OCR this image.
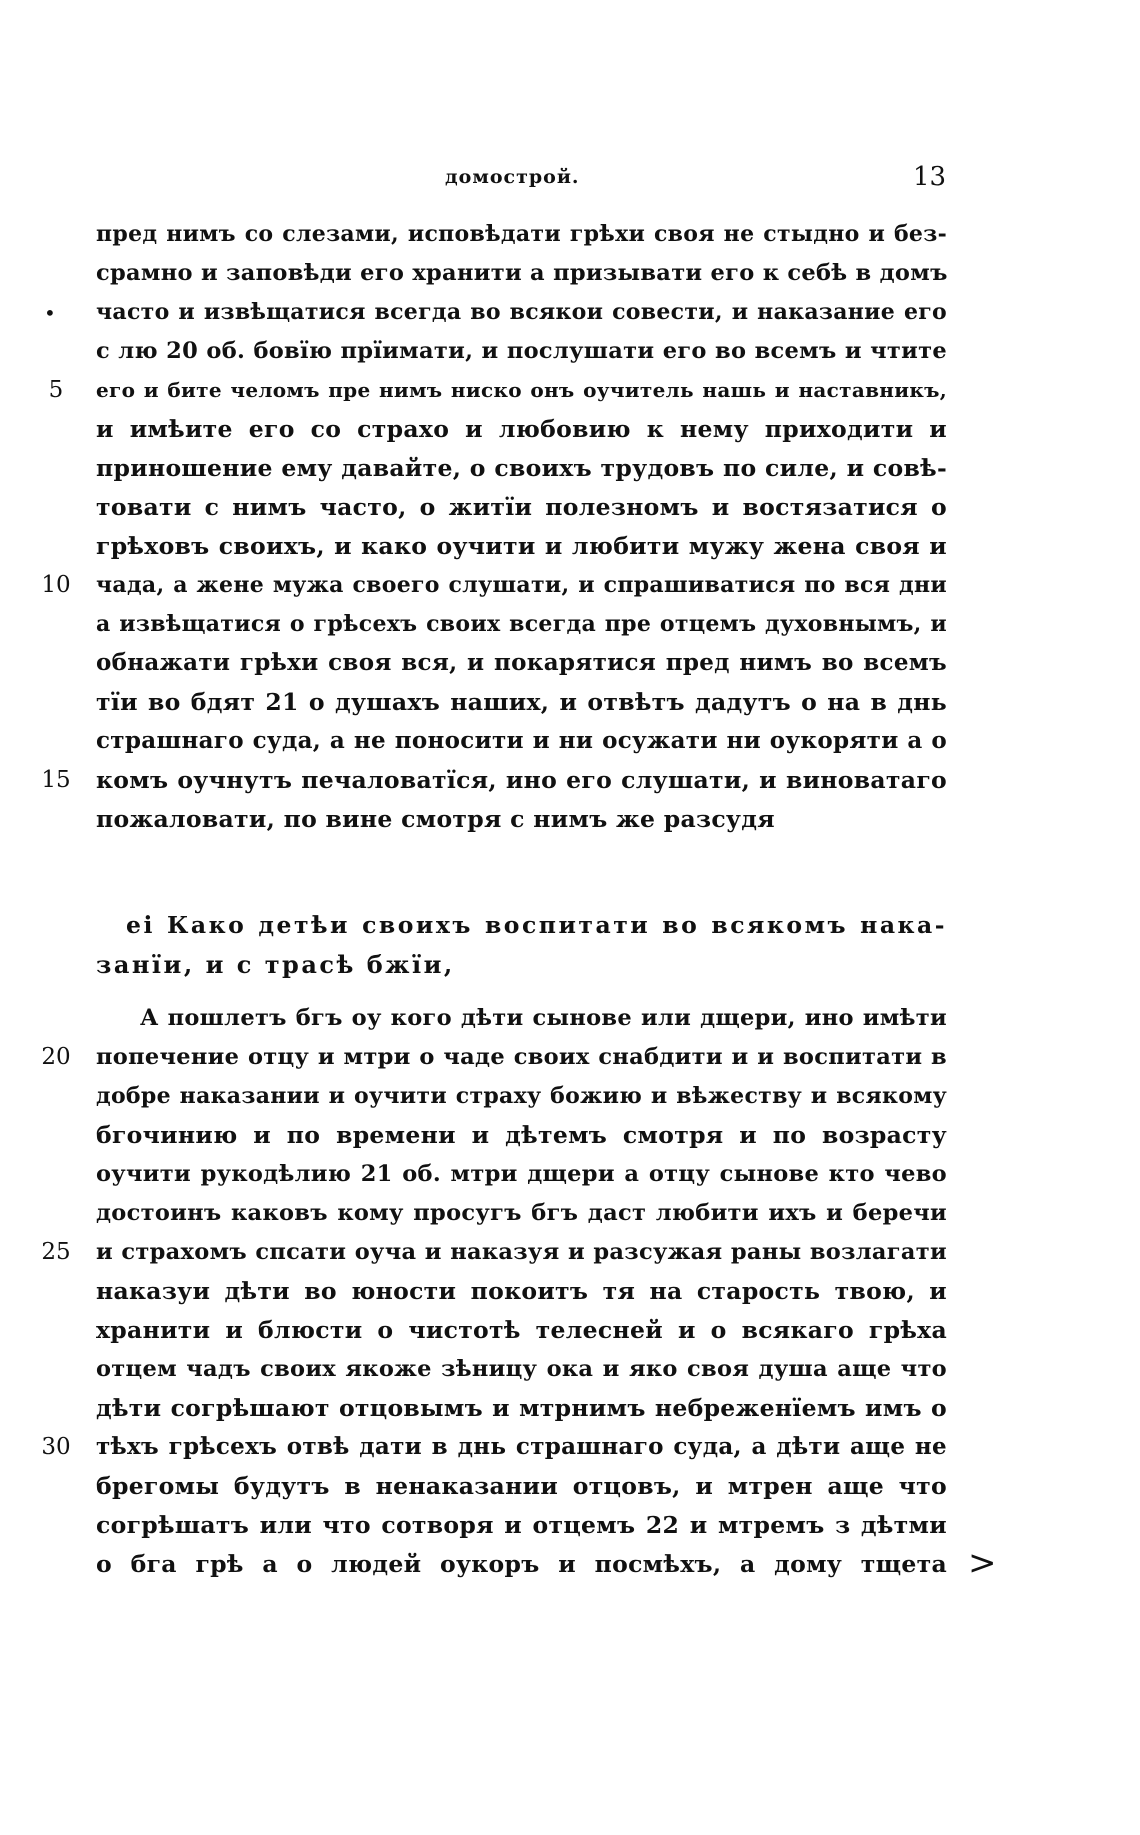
домострой.	13
пред нимъ со слезами, исповѣдати грѣхи своя не стыдно и без-
срамно и заповѣди его хранити а призывати его к себѣ в домъ
часто и извѣщатися всегда во всякои совести, и наказание его
с лю 20 об. бовїю прїимати, и послушати его во всемъ и чтите
его и бите челомъ пре нимъ ниско онъ оучитель нашь и наставникъ,
и имѣите его со страхо и любовию к нему приходити и
приношение ему давайте, о своихъ трудовъ по силе, и совѣ-
товати с нимъ часто, о житїи полезномъ и востязатися о
грѣховъ своихъ, и како оучити и любити мужу жена своя и
чада, а жене мужа своего слушати, и спрашиватися по вся дни
а извѣщатися о грѣсехъ своих всегда пре отцемъ духовнымъ, и
обнажати грѣхи своя вся, и покарятися пред нимъ во всемъ
тїи во бдят 21 о душахъ наших, и отвѣтъ дадутъ о на в днь
страшнаго суда, а не поносити и ни осужати ни оукоряти а о
комъ оучнутъ печаловатїся, ино его слушати, и виноватаго
пожаловати, по вине смотря с нимъ же разсудя
еі Како детѣи своихъ воспитати во всякомъ нака-
занїи, и с трасѣ бжїи,
А пошлетъ бгъ оу кого дѣти сынове или дщери, ино имѣти
попечение отцу и мтри о чаде своих снабдити и и воспитати в
добре наказании и оучити страху божию и вѣжеству и всякому
бгочинию и по времени и дѣтемъ смотря и по возрасту
оучити рукодѣлию 21 об. мтри дщери а отцу сынове кто чево
достоинъ каковъ кому просугъ бгъ даст любити ихъ и беречи
и страхомъ спсати оуча и наказуя и разсужая раны возлагати
наказуи дѣти во юности покоитъ тя на старость твою, и
хранити и блюсти о чистотѣ телесней и о всякаго грѣха
отцем чадъ своих якоже зѣницу ока и яко своя душа аще что
дѣти согрѣшают отцовымъ и мтрнимъ небреженїемъ имъ о
тѣхъ грѣсехъ отвѣ дати в днь страшнаго суда, а дѣти аще не
брегомы будутъ в ненаказании отцовъ, и мтрен аще что
согрѣшатъ или что сотворя и отцемъ 22 и мтремъ з дѣтми
о бга грѣ а о людей оукоръ и посмѣхъ, а дому тщета
5
10
15
20
25
30
•
>
